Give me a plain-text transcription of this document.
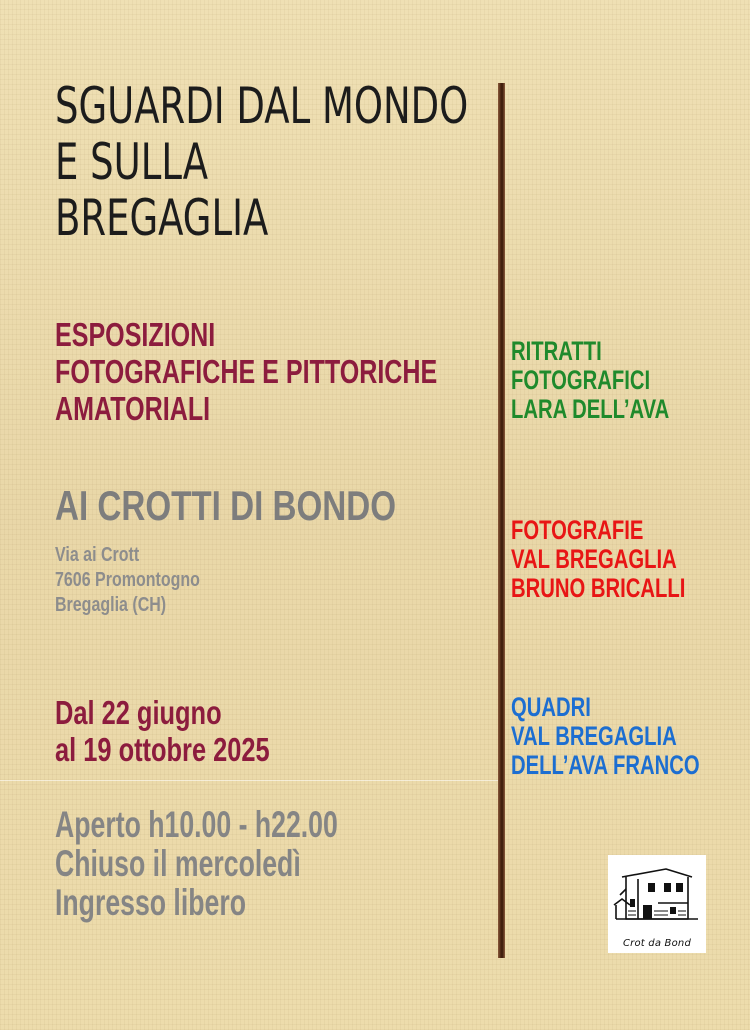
SGUARDI DAL MONDO
E SULLA
BREGAGLIA
ESPOSIZIONI
FOTOGRAFICHE E PITTORICHE
AMATORIALI
AI CROTTI DI BONDO
Via ai Crott
7606 Promontogno
Bregaglia (CH)
Dal 22 giugno
al 19 ottobre 2025
Aperto h10.00 - h22.00
Chiuso il mercoledì
Ingresso libero
RITRATTI
FOTOGRAFICI
LARA DELL’AVA
FOTOGRAFIE
VAL BREGAGLIA
BRUNO BRICALLI
QUADRI
VAL BREGAGLIA
DELL’AVA FRANCO
Crot da Bond
